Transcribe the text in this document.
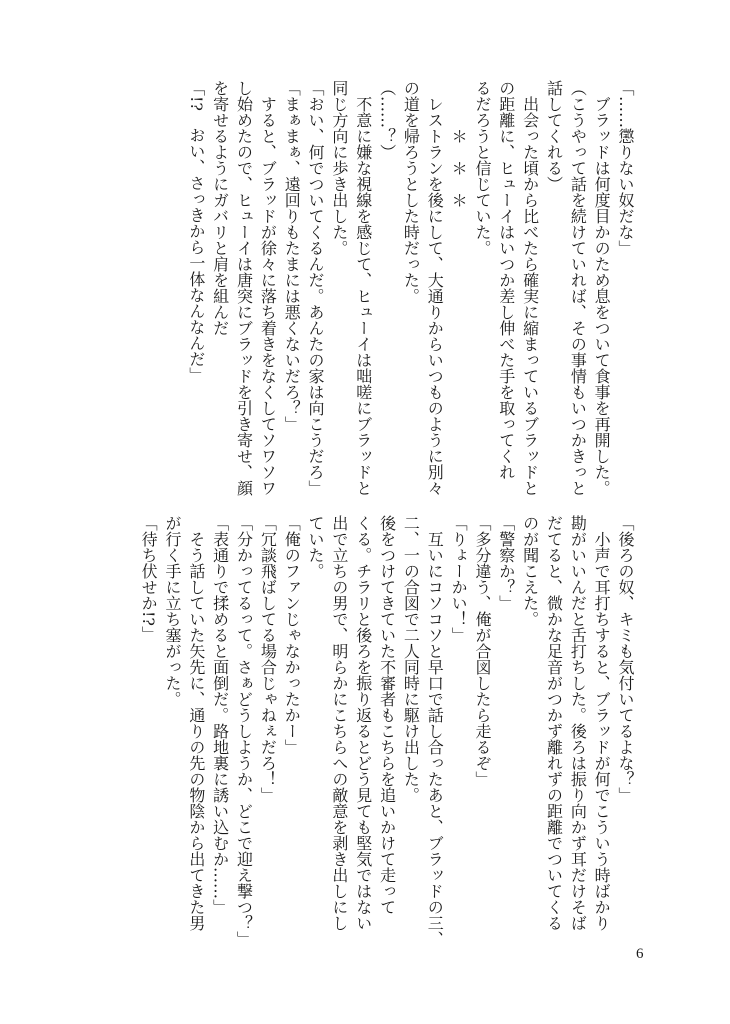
「……懲りない奴だな」
　ブラッドは何度目かのため息をついて食事を再開した。
（こうやって話を続けていれば、その事情もいつかきっと
話してくれる）
　出会った頃から比べたら確実に縮まっているブラッドと
の距離に、ヒューイはいつか差し伸べた手を取ってくれ
るだろうと信じていた。
　　　＊　＊　＊
　レストランを後にして、大通りからいつものように別々
の道を帰ろうとした時だった。
（……？）
　不意に嫌な視線を感じて、ヒューイは咄嗟にブラッドと
同じ方向に歩き出した。
「おい、何でついてくるんだ。あんたの家は向こうだろ」
「まぁまぁ、遠回りもたまには悪くないだろ？」
　すると、ブラッドが徐々に落ち着きをなくしてソワソワ
し始めたので、ヒューイは唐突にブラッドを引き寄せ、顔
を寄せるようにガバリと肩を組んだ
「!?　おい、さっきから一体なんなんだ」
「後ろの奴、キミも気付いてるよな？」
　小声で耳打ちすると、ブラッドが何でこういう時ばかり
勘がいいんだと舌打ちした。後ろは振り向かず耳だけそば
だてると、微かな足音がつかず離れずの距離でついてくる
のが聞こえた。
「警察か？」
「多分違う、俺が合図したら走るぞ」
「りょーかい！」
　互いにコソコソと早口で話し合ったあと、ブラッドの三、
二、一の合図で二人同時に駆け出した。
後をつけてきていた不審者もこちらを追いかけて走って
くる。チラリと後ろを振り返るとどう見ても堅気ではない
出で立ちの男で、明らかにこちらへの敵意を剥き出しにし
ていた。
「俺のファンじゃなかったかー」
「冗談飛ばしてる場合じゃねぇだろ！」
「分かってるって。さぁどうしようか、どこで迎え撃つ？」
「表通りで揉めると面倒だ。路地裏に誘い込むか……」
　そう話していた矢先に、通りの先の物陰から出てきた男
が行く手に立ち塞がった。
「待ち伏せか!?」
6
